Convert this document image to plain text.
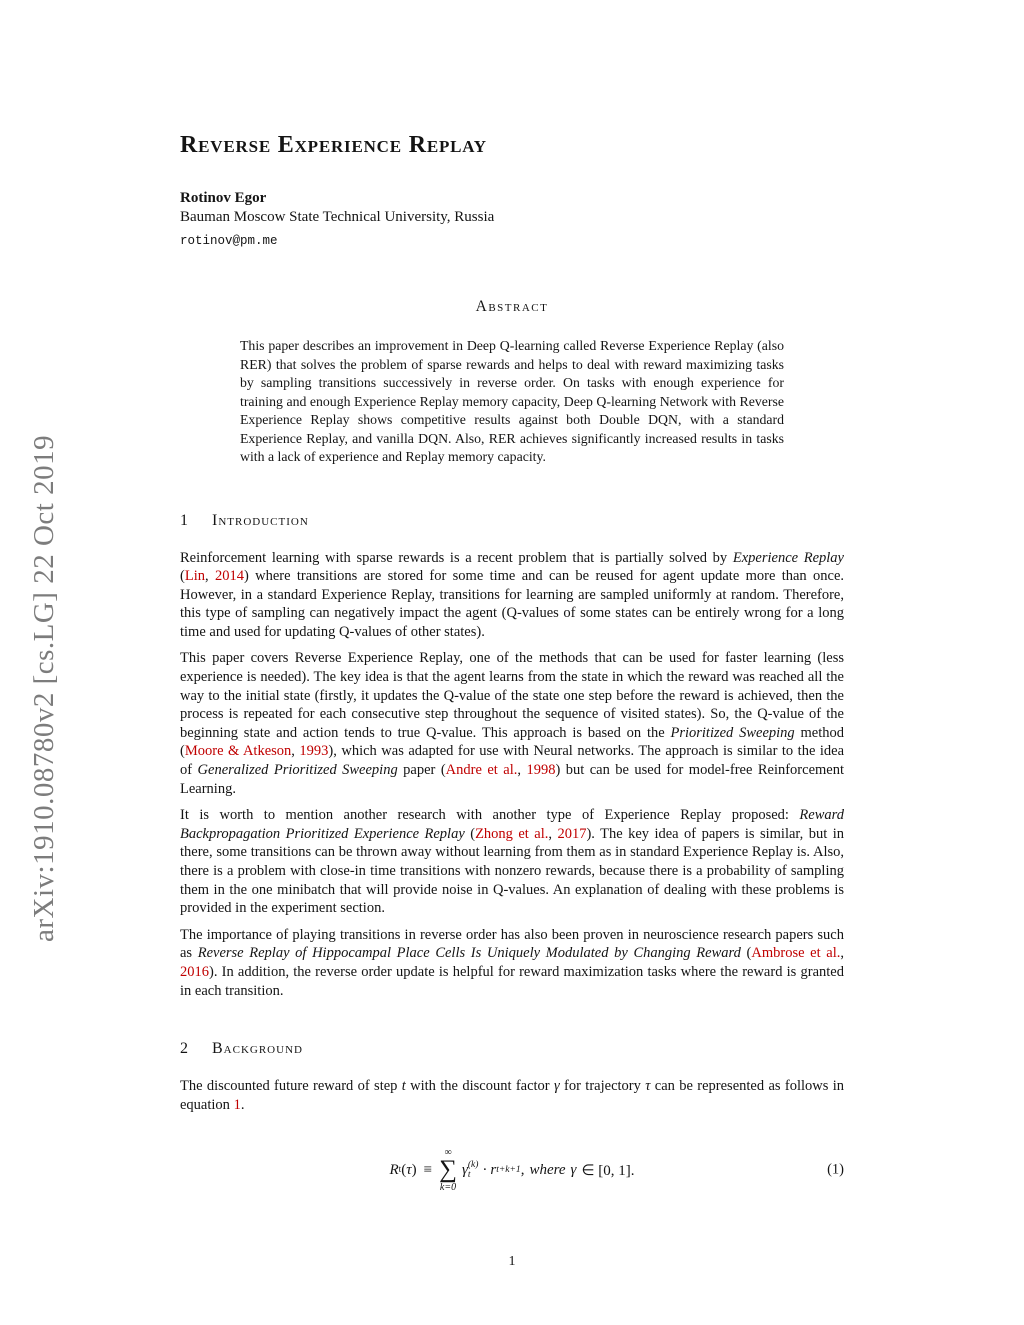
arXiv:1910.08780v2 [cs.LG] 22 Oct 2019
Reverse Experience Replay
Rotinov Egor
Bauman Moscow State Technical University, Russia
rotinov@pm.me
Abstract
This paper describes an improvement in Deep Q-learning called Reverse Experience Replay (also RER) that solves the problem of sparse rewards and helps to deal with reward maximizing tasks by sampling transitions successively in reverse order. On tasks with enough experience for training and enough Experience Replay memory capacity, Deep Q-learning Network with Reverse Experience Replay shows competitive results against both Double DQN, with a standard Experience Replay, and vanilla DQN. Also, RER achieves significantly increased results in tasks with a lack of experience and Replay memory capacity.
1	Introduction

Reinforcement learning with sparse rewards is a recent problem that is partially solved by Experience Replay (Lin, 2014) where transitions are stored for some time and can be reused for agent update more than once. However, in a standard Experience Replay, transitions for learning are sampled uniformly at random. Therefore, this type of sampling can negatively impact the agent (Q-values of some states can be entirely wrong for a long time and used for updating Q-values of other states).

This paper covers Reverse Experience Replay, one of the methods that can be used for faster learning (less experience is needed). The key idea is that the agent learns from the state in which the reward was reached all the way to the initial state (firstly, it updates the Q-value of the state one step before the reward is achieved, then the process is repeated for each consecutive step throughout the sequence of visited states). So, the Q-value of the beginning state and action tends to true Q-value. This approach is based on the Prioritized Sweeping method (Moore & Atkeson, 1993), which was adapted for use with Neural networks. The approach is similar to the idea of Generalized Prioritized Sweeping paper (Andre et al., 1998) but can be used for model-free Reinforcement Learning.

It is worth to mention another research with another type of Experience Replay proposed: Reward Backpropagation Prioritized Experience Replay (Zhong et al., 2017). The key idea of papers is similar, but in there, some transitions can be thrown away without learning from them as in standard Experience Replay is. Also, there is a problem with close-in time transitions with nonzero rewards, because there is a probability of sampling them in the one minibatch that will provide noise in Q-values. An explanation of dealing with these problems is provided in the experiment section.

The importance of playing transitions in reverse order has also been proven in neuroscience research papers such as Reverse Replay of Hippocampal Place Cells Is Uniquely Modulated by Changing Reward (Ambrose et al., 2016). In addition, the reverse order update is helpful for reward maximization tasks where the reward is granted in each transition.

2	Background

The discounted future reward of step t with the discount factor γ for trajectory τ can be represented as follows in equation 1.

R t ( τ ) ≡
∞
∑
k=0
γ (k)
t · r t+k+1 , where γ ∈ [0, 1].	(1)
1
